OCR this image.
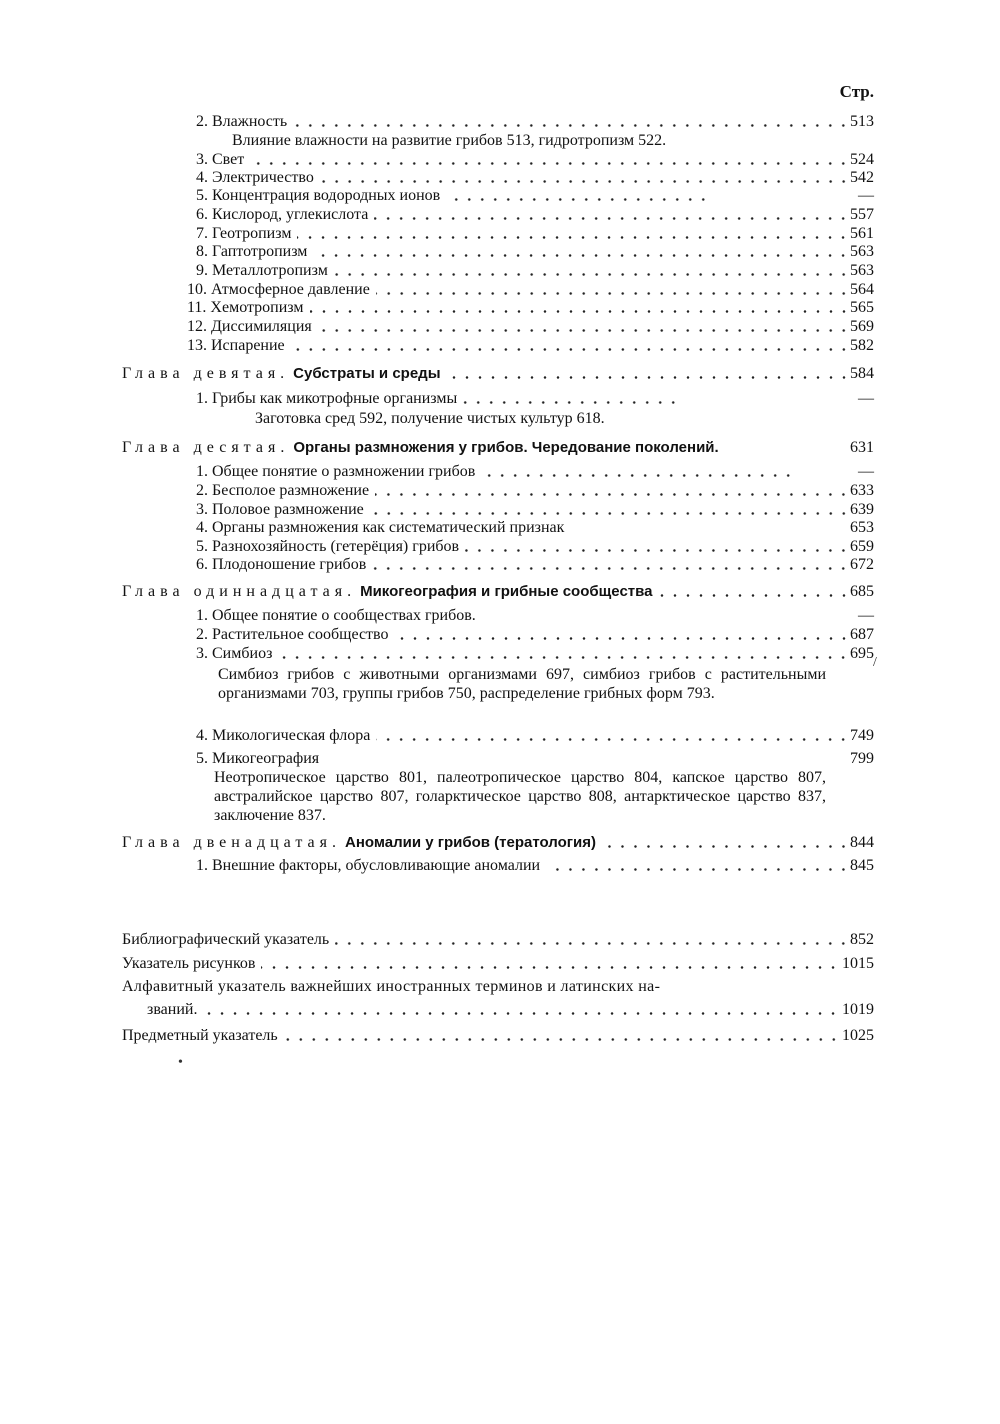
Стр.
2. Влажность	513

Влияние влажности на развитие грибов 513, гидротропизм 522.

3. Свет	524
4. Электричество	542
5. Концентрация водородных ионов	—
6. Кислород, углекислота	557
7. Геотропизм	561
8. Гаптотропизм	563
9. Металлотропизм	563
10. Атмосферное давление	564
11. Хемотропизм	565
12. Диссимиляция	569
13. Испарение	582
Глава девятая. Субстраты и среды	584
1. Грибы как микотрофные организмы	—

Заготовка сред 592, получение чистых культур 618.

Глава десятая. Органы размножения у грибов. Чередование поколений.	631
1. Общее понятие о размножении грибов	—
2. Бесполое размножение	633
3. Половое размножение	639
4. Органы размножения как систематический признак	653
5. Разнохозяйность (гетерёция) грибов	659
6. Плодоношение грибов	672
Глава одиннадцатая. Микогеография и грибные сообщества	685
1. Общее понятие о сообществах грибов.	—
2. Растительное сообщество	687
3. Симбиоз	695

Симбиоз грибов с животными организмами 697, симбиоз грибов с растительными организмами 703, группы грибов 750, распределение грибных форм 793.

4. Микологическая флора	749
5. Микогеография	799

Неотропическое царство 801, палеотропическое царство 804, капское царство 807, австралийское царство 807, голарктическое царство 808, антарктическое царство 837, заключение 837.

Глава двенадцатая. Аномалии у грибов (тератология)	844
1. Внешние факторы, обусловливающие аномалии	845
Библиографический указатель	852
Указатель рисунков	1015
Алфавитный указатель важнейших иностранных терминов и латинских на-
званий.	1019
Предметный указатель	1025
/
•
